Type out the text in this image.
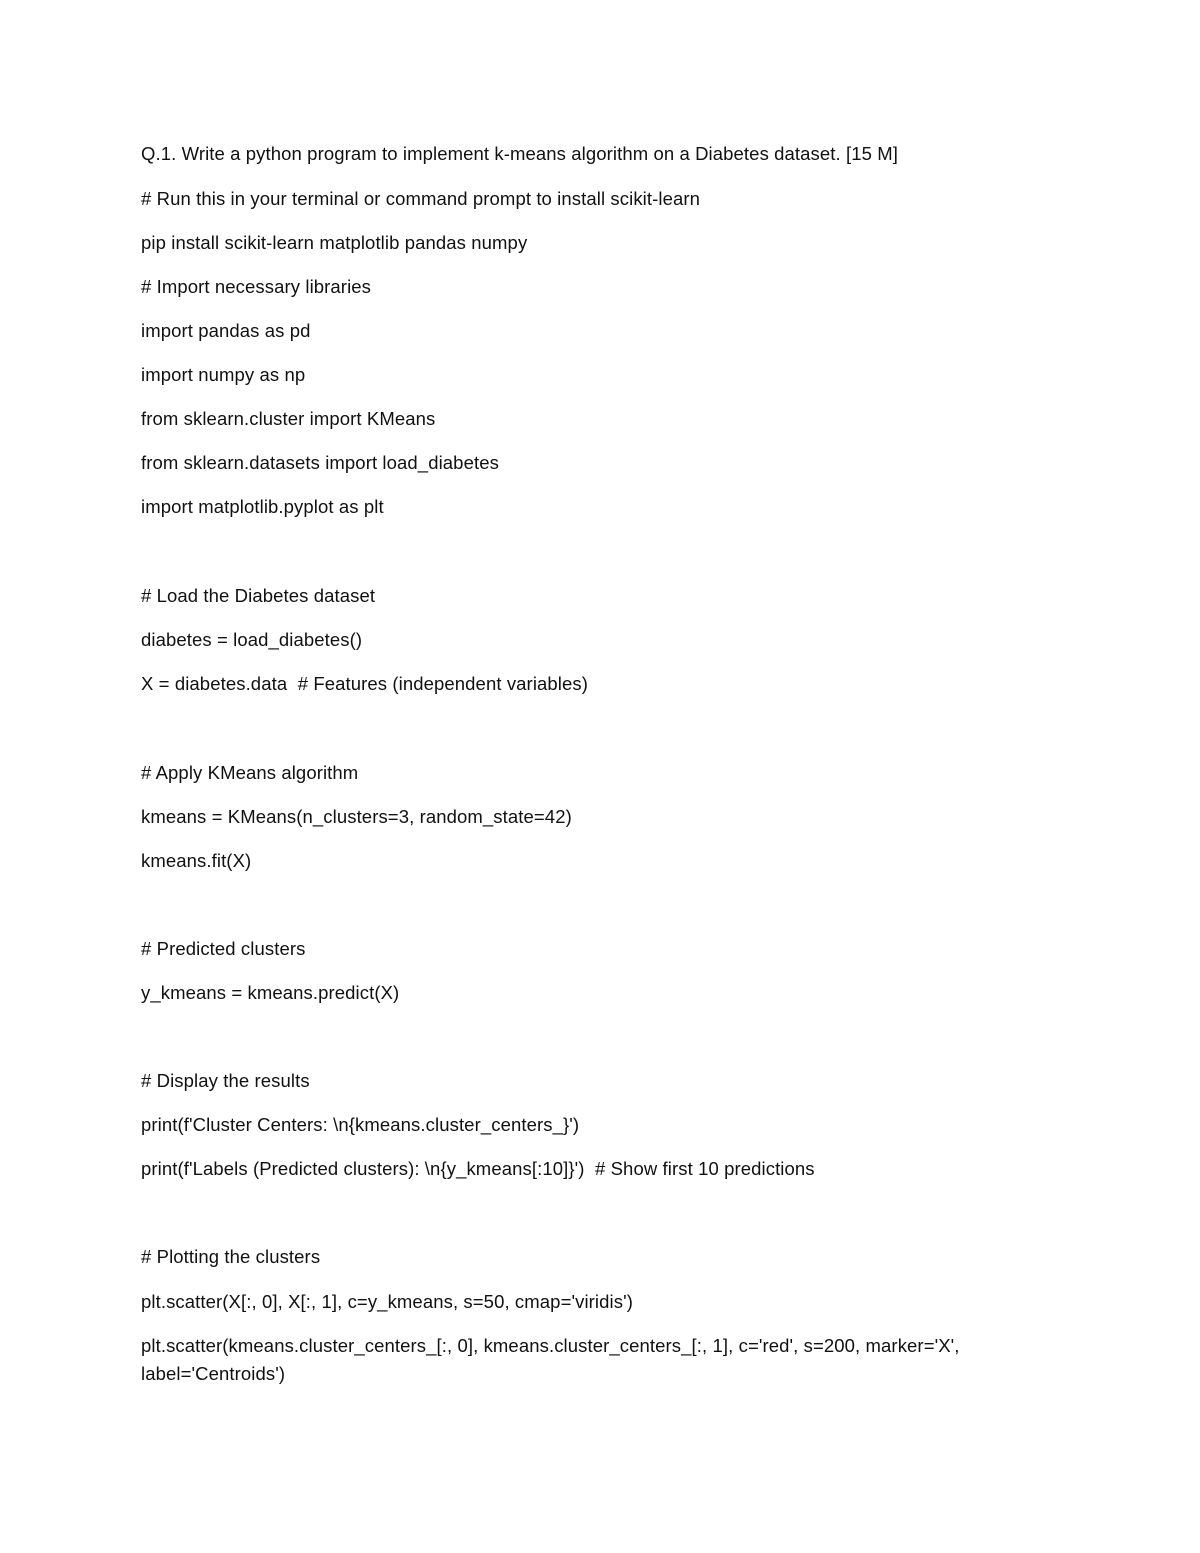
Q.1. Write a python program to implement k-means algorithm on a Diabetes dataset. [15 M]
# Run this in your terminal or command prompt to install scikit-learn
pip install scikit-learn matplotlib pandas numpy
# Import necessary libraries
import pandas as pd
import numpy as np
from sklearn.cluster import KMeans
from sklearn.datasets import load_diabetes
import matplotlib.pyplot as plt
# Load the Diabetes dataset
diabetes = load_diabetes()
X = diabetes.data  # Features (independent variables)
# Apply KMeans algorithm
kmeans = KMeans(n_clusters=3, random_state=42)
kmeans.fit(X)
# Predicted clusters
y_kmeans = kmeans.predict(X)
# Display the results
print(f'Cluster Centers: \n{kmeans.cluster_centers_}')
print(f'Labels (Predicted clusters): \n{y_kmeans[:10]}')  # Show first 10 predictions
# Plotting the clusters
plt.scatter(X[:, 0], X[:, 1], c=y_kmeans, s=50, cmap='viridis')
plt.scatter(kmeans.cluster_centers_[:, 0], kmeans.cluster_centers_[:, 1], c='red', s=200, marker='X', label='Centroids')
